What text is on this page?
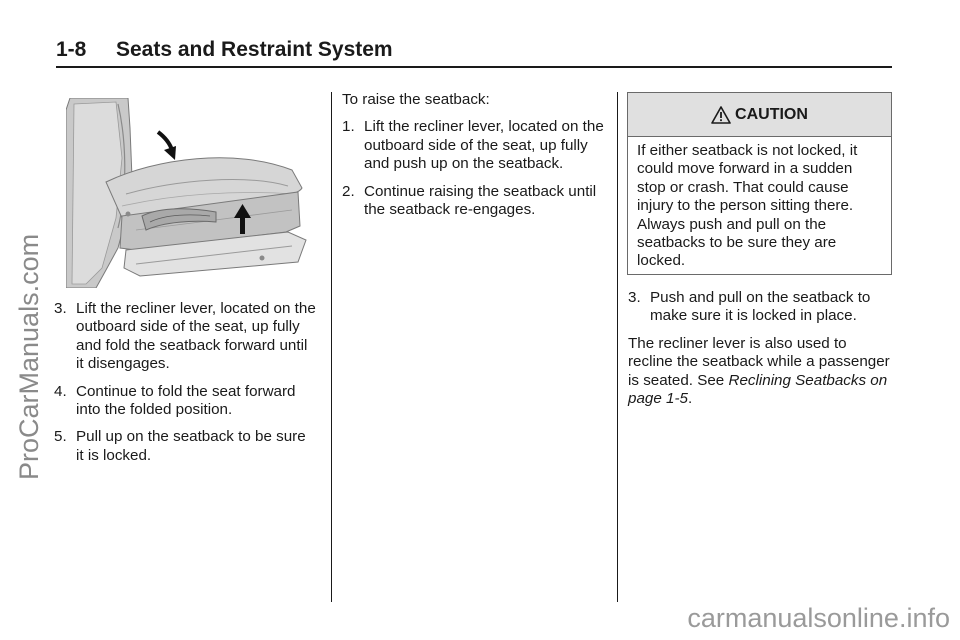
1-8 Seats and Restraint System
ProCarManuals.com
carmanualsonline.info
3. Lift the recliner lever, located on the outboard side of the seat, up fully and fold the seatback forward until it disengages.
4. Continue to fold the seat forward into the folded position.
5. Pull up on the seatback to be sure it is locked.
To raise the seatback:
1. Lift the recliner lever, located on the outboard side of the seat, up fully and push up on the seatback.
2. Continue raising the seatback until the seatback re-engages.
CAUTION
If either seatback is not locked, it could move forward in a sudden stop or crash. That could cause injury to the person sitting there. Always push and pull on the seatbacks to be sure they are locked.
3. Push and pull on the seatback to make sure it is locked in place.
The recliner lever is also used to recline the seatback while a passenger is seated. See Reclining Seatbacks on page 1-5.
